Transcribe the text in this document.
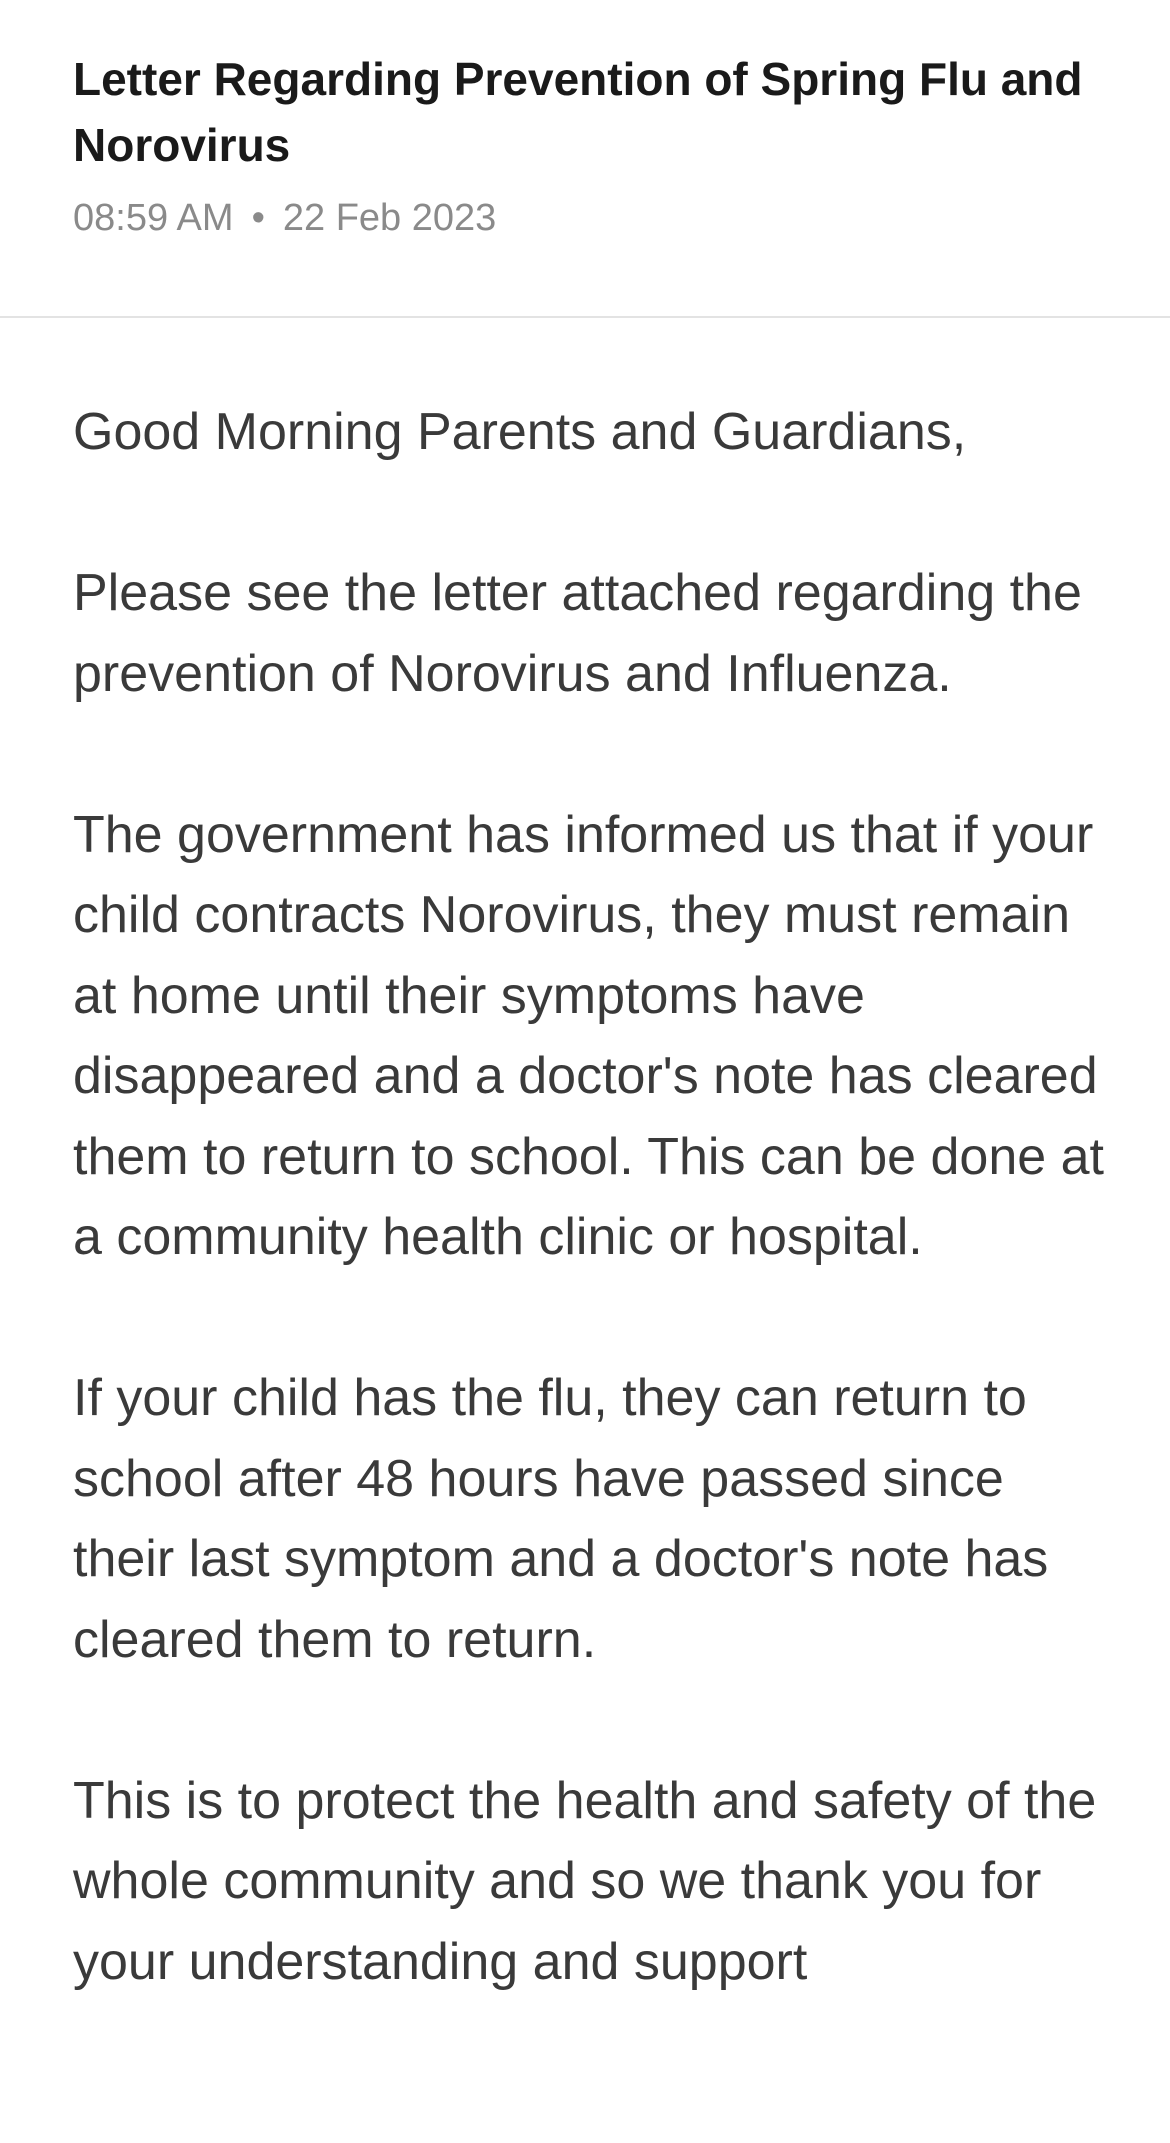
Letter Regarding Prevention of Spring Flu and Norovirus
08:59 AM • 22 Feb 2023

Good Morning Parents and Guardians,

Please see the letter attached regarding the prevention of Norovirus and Influenza.

The government has informed us that if your child contracts Norovirus, they must remain at home until their symptoms have disappeared and a doctor's note has cleared them to return to school. This can be done at a community health clinic or hospital.

If your child has the flu, they can return to school after 48 hours have passed since their last symptom and a doctor's note has cleared them to return.

This is to protect the health and safety of the whole community and so we thank you for your understanding and support
